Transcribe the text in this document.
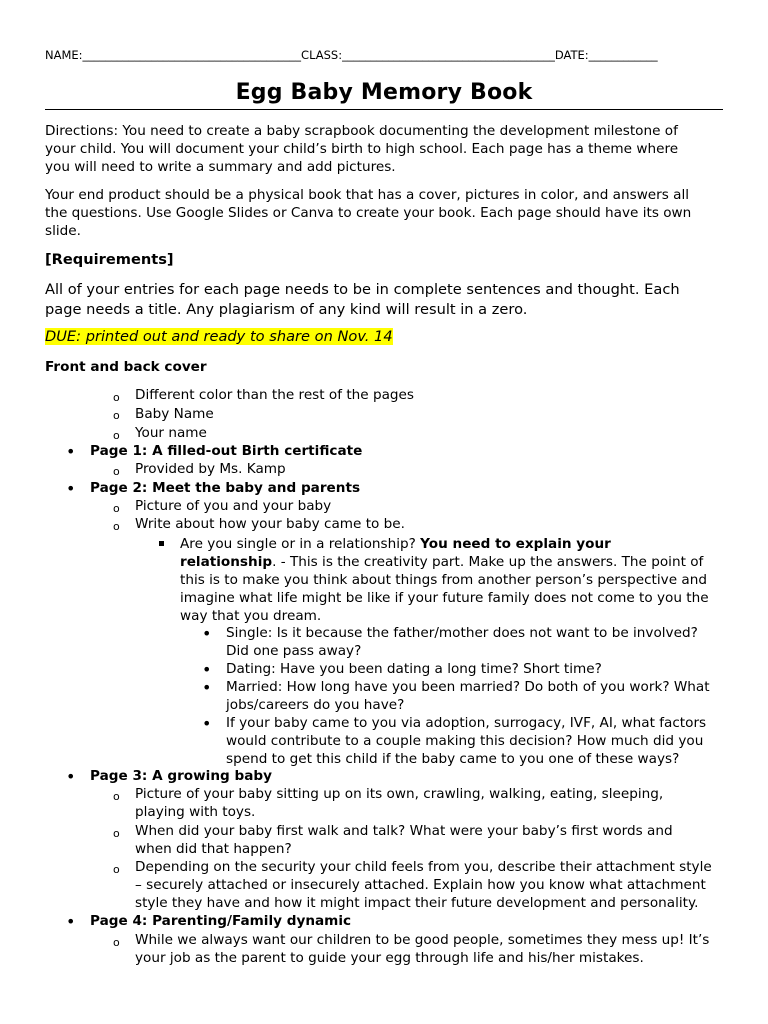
NAME:______________________________________CLASS:_____________________________________DATE:____________
Egg Baby Memory Book
Directions: You need to create a baby scrapbook documenting the development milestone of
your child. You will document your child’s birth to high school. Each page has a theme where
you will need to write a summary and add pictures.
Your end product should be a physical book that has a cover, pictures in color, and answers all
the questions. Use Google Slides or Canva to create your book. Each page should have its own
slide.
[Requirements]
All of your entries for each page needs to be in complete sentences and thought. Each
page needs a title. Any plagiarism of any kind will result in a zero.
DUE: printed out and ready to share on Nov. 14
Front and back cover
o Different color than the rest of the pages
o Baby Name
o Your name
• Page 1: A filled-out Birth certificate
o Provided by Ms. Kamp
• Page 2: Meet the baby and parents
o Picture of you and your baby
o Write about how your baby came to be.
Are you single or in a relationship? You need to explain your
relationship. - This is the creativity part. Make up the answers. The point of
this is to make you think about things from another person’s perspective and
imagine what life might be like if your future family does not come to you the
way that you dream.
• Single: Is it because the father/mother does not want to be involved?
Did one pass away?
• Dating: Have you been dating a long time? Short time?
• Married: How long have you been married? Do both of you work? What
jobs/careers do you have?
• If your baby came to you via adoption, surrogacy, IVF, AI, what factors
would contribute to a couple making this decision? How much did you
spend to get this child if the baby came to you one of these ways?
• Page 3: A growing baby
o Picture of your baby sitting up on its own, crawling, walking, eating, sleeping,
playing with toys.
o When did your baby first walk and talk? What were your baby’s first words and
when did that happen?
o Depending on the security your child feels from you, describe their attachment style
– securely attached or insecurely attached. Explain how you know what attachment
style they have and how it might impact their future development and personality.
• Page 4: Parenting/Family dynamic
o While we always want our children to be good people, sometimes they mess up! It’s
your job as the parent to guide your egg through life and his/her mistakes.
